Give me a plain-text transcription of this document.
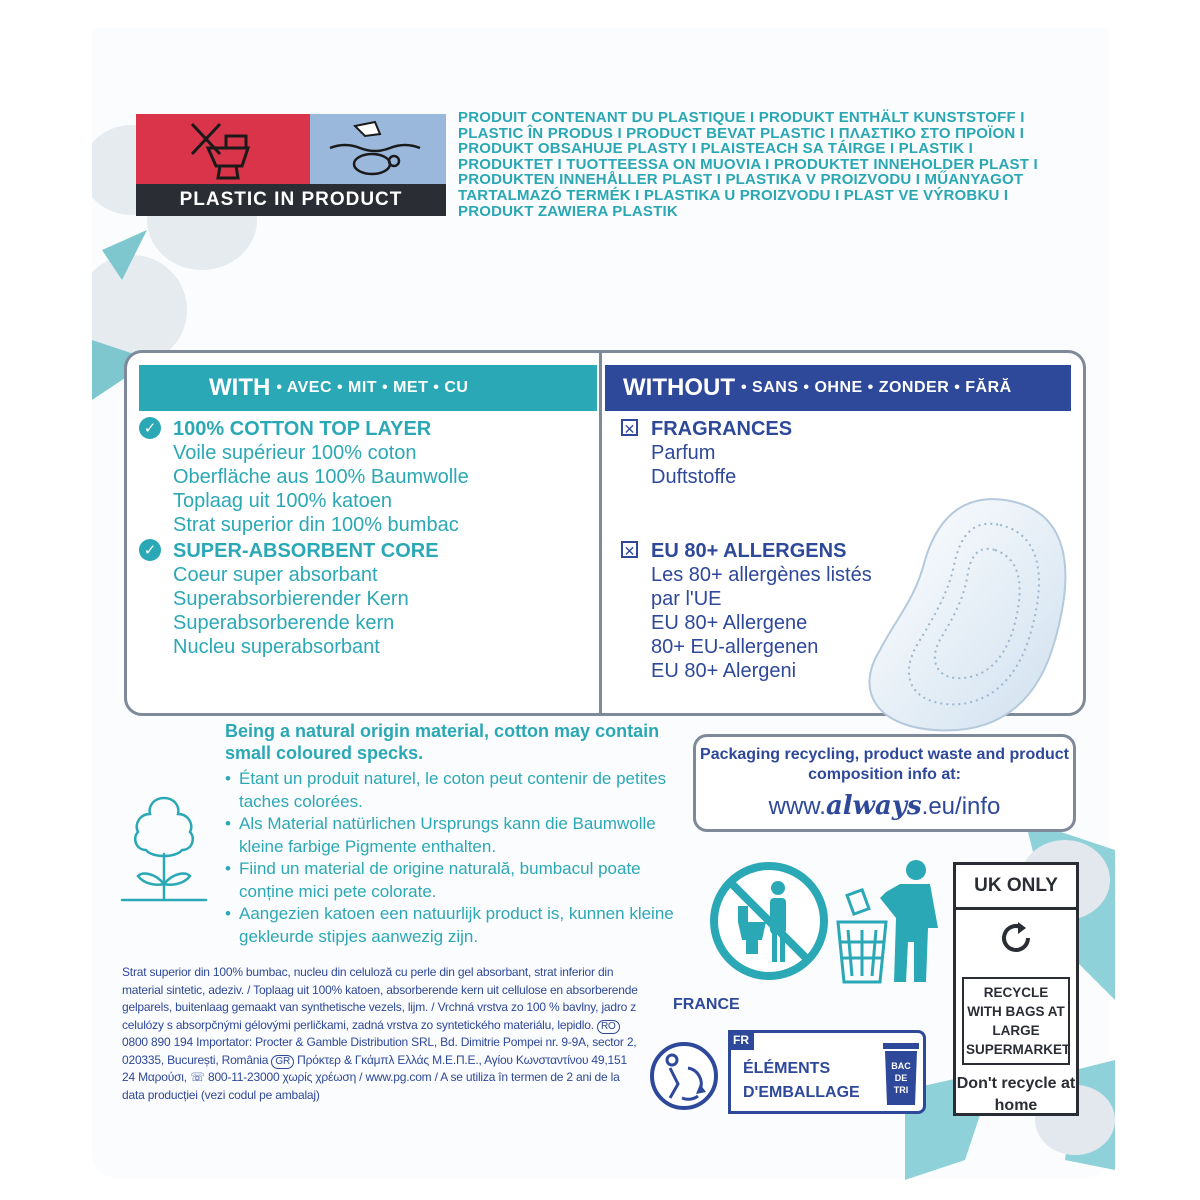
PLASTIC IN PRODUCT

PRODUIT CONTENANT DU PLASTIQUE I PRODUKT ENTHÄLT KUNSTSTOFF I PLASTIC ÎN PRODUS I PRODUCT BEVAT PLASTIC I ΠΛΑΣΤΙΚΟ ΣΤΟ ΠΡΟΪΟΝ I PRODUKT OBSAHUJE PLASTY I PLAISTEACH SA TÁIRGE I PLASTIK I PRODUKTET I TUOTTEESSA ON MUOVIA I PRODUKTET INNEHOLDER PLAST I PRODUKTEN INNEHÅLLER PLAST I PLASTIKA V PROIZVODU I MŰANYAGOT TARTALMAZÓ TERMÉK I PLASTIKA U PROIZVODU I PLAST VE VÝROBKU I PRODUKT ZAWIERA PLASTIK

WITH • AVEC • MIT • MET • CU	WITHOUT • SANS • OHNE • ZONDER • FĂRĂ
✓ 100% COTTON TOP LAYER
Voile supérieur 100% coton
Oberfläche aus 100% Baumwolle
Toplaag uit 100% katoen
Strat superior din 100% bumbac
✓ SUPER-ABSORBENT CORE
Coeur super absorbant
Superabsorbierender Kern
Superabsorberende kern
Nucleu superabsorbant
✕ FRAGRANCES
Parfum
Duftstoffe
✕ EU 80+ ALLERGENS
Les 80+ allergènes listés
par l'UE
EU 80+ Allergene
80+ EU-allergenen
EU 80+ Alergeni

Being a natural origin material, cotton may contain small coloured specks.

• Étant un produit naturel, le coton peut contenir de petites taches colorées.
• Als Material natürlichen Ursprungs kann die Baumwolle kleine farbige Pigmente enthalten.
• Fiind un material de origine naturală, bumbacul poate conține mici pete colorate.
• Aangezien katoen een natuurlijk product is, kunnen kleine gekleurde stipjes aanwezig zijn.
Packaging recycling, product waste and product composition info at:
www.always.eu/info
UK ONLY
RECYCLE WITH BAGS AT LARGE SUPERMARKET
Don't recycle at home
Strat superior din 100% bumbac, nucleu din celuloză cu perle din gel absorbant, strat inferior din material sintetic, adeziv. / Toplaag uit 100% katoen, absorberende kern uit cellulose en absorberende gelparels, buitenlaag gemaakt van synthetische vezels, lijm. / Vrchná vrstva zo 100 % bavlny, jadro z celulózy s absorpčnými gélovými perličkami, zadná vrstva zo syntetického materiálu, lepidlo. RO 0800 890 194 Importator: Procter & Gamble Distribution SRL, Bd. Dimitrie Pompei nr. 9-9A, sector 2, 020335, București, România GR Πρόκτερ & Γκάμπλ Ελλάς Μ.Ε.Π.Ε., Αγίου Κωνσταντίνου 49,151 24 Μαρούσι, ☏ 800-11-23000 χωρίς χρέωση / www.pg.com / A se utiliza în termen de 2 ani de la data producției (vezi codul pe ambalaj)
FRANCE
FR
ÉLÉMENTS D'EMBALLAGE
BAC
DE
TRI
